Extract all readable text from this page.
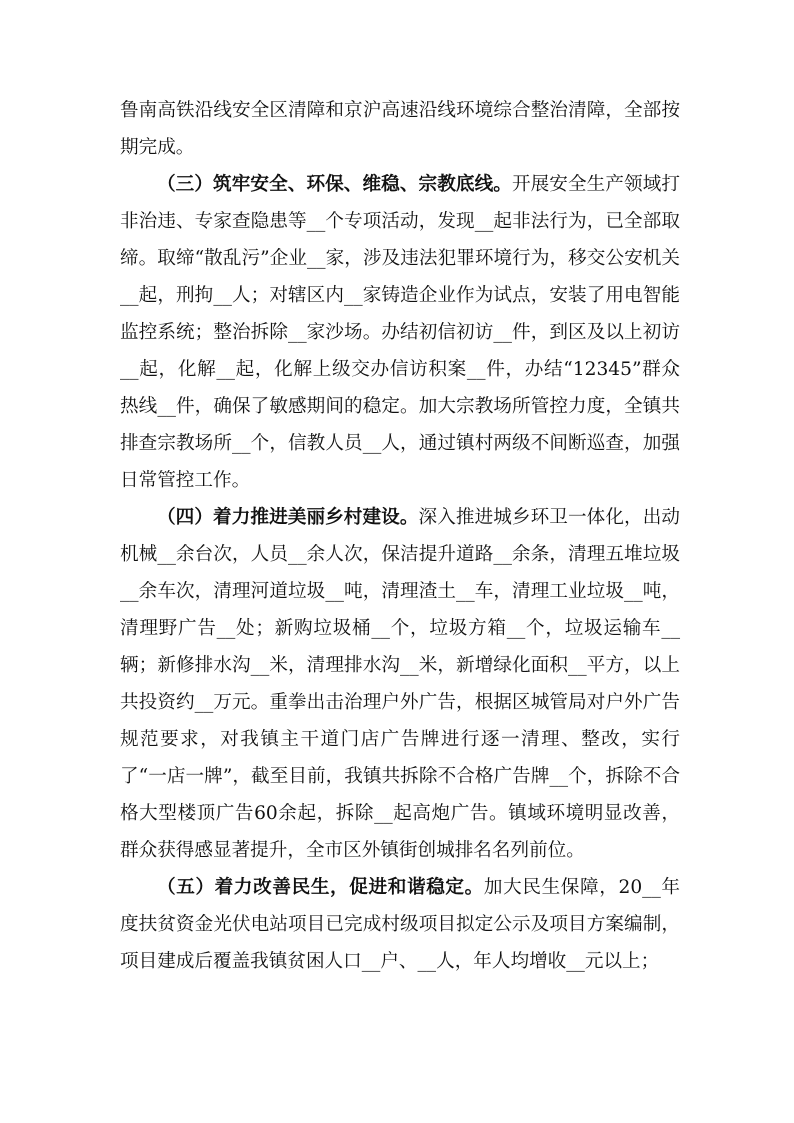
鲁南高铁沿线安全区清障和京沪高速沿线环境综合整治清障，全部按期完成。

（三）筑牢安全、环保、维稳、宗教底线。开展安全生产领域打非治违、专家查隐患等__个专项活动，发现__起非法行为，已全部取缔。取缔“散乱污”企业__家，涉及违法犯罪环境行为，移交公安机关__起，刑拘__人；对辖区内__家铸造企业作为试点，安装了用电智能监控系统；整治拆除__家沙场。办结初信初访__件，到区及以上初访__起，化解__起，化解上级交办信访积案__件，办结“12345”群众热线__件，确保了敏感期间的稳定。加大宗教场所管控力度，全镇共排查宗教场所__个，信教人员__人，通过镇村两级不间断巡查，加强日常管控工作。

（四）着力推进美丽乡村建设。深入推进城乡环卫一体化，出动机械__余台次，人员__余人次，保洁提升道路__余条，清理五堆垃圾__余车次，清理河道垃圾__吨，清理渣土__车，清理工业垃圾__吨，清理野广告__处；新购垃圾桶__个，垃圾方箱__个，垃圾运输车__辆；新修排水沟__米，清理排水沟__米，新增绿化面积__平方，以上共投资约__万元。重拳出击治理户外广告，根据区城管局对户外广告规范要求，对我镇主干道门店广告牌进行逐一清理、整改，实行了“一店一牌”，截至目前，我镇共拆除不合格广告牌__个，拆除不合格大型楼顶广告60余起，拆除__起高炮广告。镇域环境明显改善，群众获得感显著提升，全市区外镇街创城排名名列前位。

（五）着力改善民生，促进和谐稳定。加大民生保障，20__年度扶贫资金光伏电站项目已完成村级项目拟定公示及项目方案编制，项目建成后覆盖我镇贫困人口__户、__人，年人均增收__元以上；
